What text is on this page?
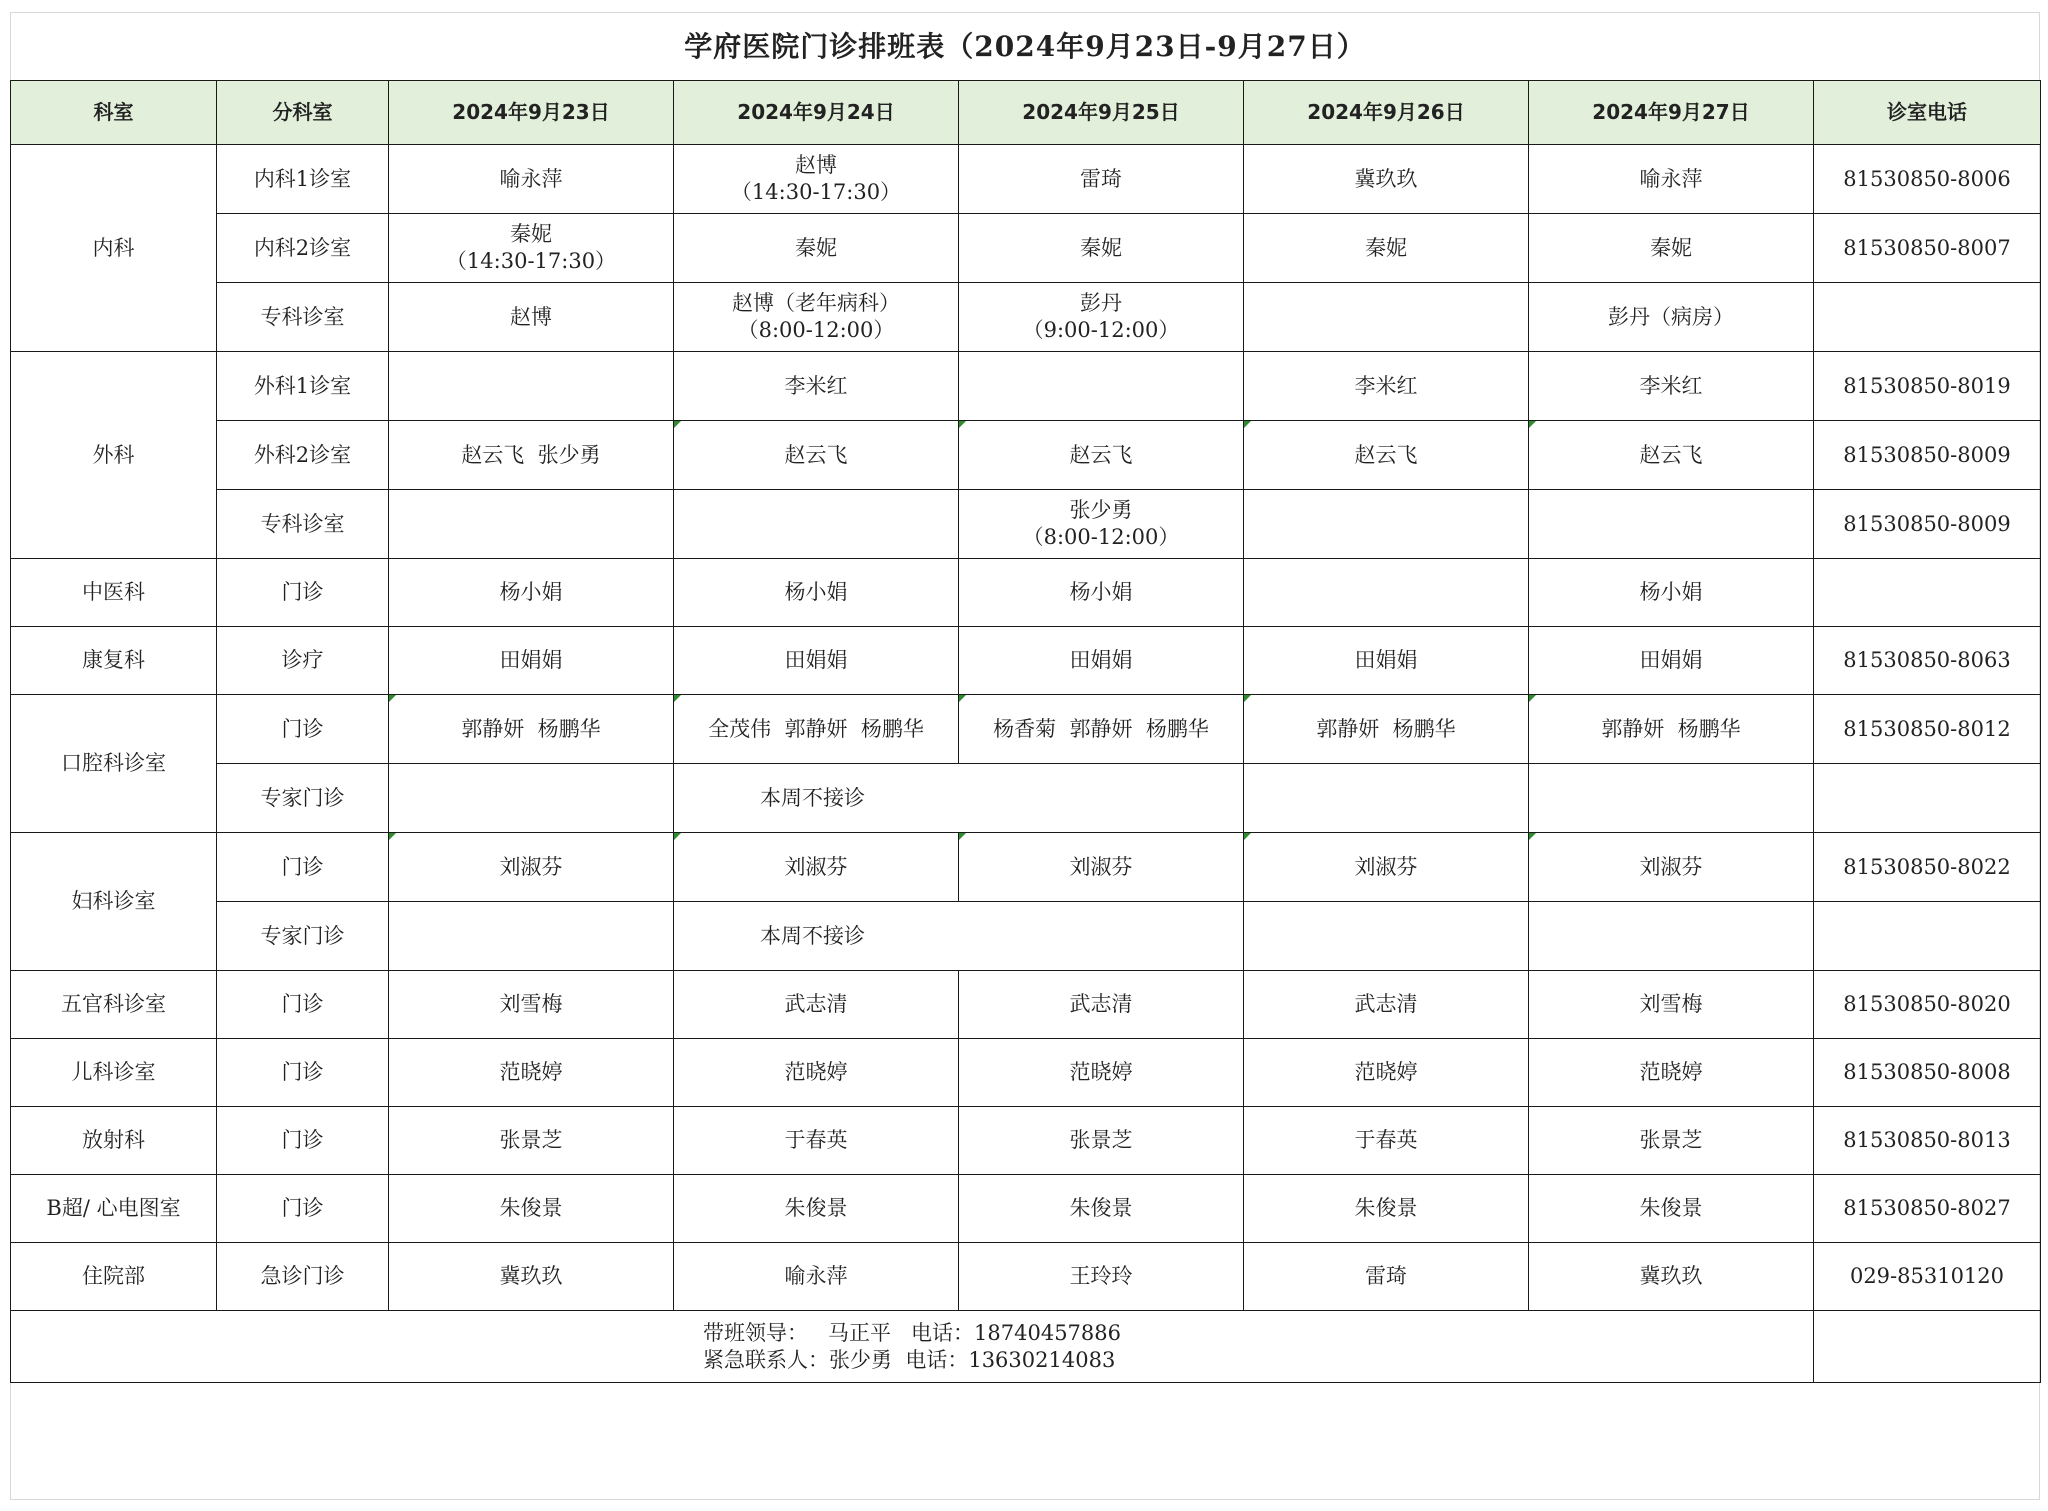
学府医院门诊排班表（2024年9月23日-9月27日）
科室	分科室	2024年9月23日	2024年9月24日	2024年9月25日	2024年9月26日	2024年9月27日	诊室电话
内科	内科1诊室	喻永萍	赵博
（14:30-17:30）	雷琦	冀玖玖	喻永萍	81530850-8006
	内科2诊室	秦妮
（14:30-17:30）	秦妮	秦妮	秦妮	秦妮	81530850-8007
	专科诊室	赵博	赵博（老年病科）
（8:00-12:00）	彭丹
（9:00-12:00）		彭丹（病房）	
外科	外科1诊室		李米红		李米红	李米红	81530850-8019
	外科2诊室	赵云飞  张少勇	赵云飞	赵云飞	赵云飞	赵云飞	81530850-8009
	专科诊室			张少勇
（8:00-12:00）			81530850-8009
中医科	门诊	杨小娟	杨小娟	杨小娟		杨小娟	
康复科	诊疗	田娟娟	田娟娟	田娟娟	田娟娟	田娟娟	81530850-8063
口腔科诊室	门诊	郭静妍  杨鹏华	全茂伟  郭静妍  杨鹏华	杨香菊  郭静妍  杨鹏华	郭静妍  杨鹏华	郭静妍  杨鹏华	81530850-8012
	专家门诊		本周不接诊				
妇科诊室	门诊	刘淑芬	刘淑芬	刘淑芬	刘淑芬	刘淑芬	81530850-8022
	专家门诊		本周不接诊				
五官科诊室	门诊	刘雪梅	武志清	武志清	武志清	刘雪梅	81530850-8020
儿科诊室	门诊	范晓婷	范晓婷	范晓婷	范晓婷	范晓婷	81530850-8008
放射科	门诊	张景芝	于春英	张景芝	于春英	张景芝	81530850-8013
B超/ 心电图室	门诊	朱俊景	朱俊景	朱俊景	朱俊景	朱俊景	81530850-8027
住院部	急诊门诊	冀玖玖	喻永萍	王玲玲	雷琦	冀玖玖	029-85310120

带班领导：   马正平   电话：18740457886
紧急联系人：张少勇  电话：13630214083							
